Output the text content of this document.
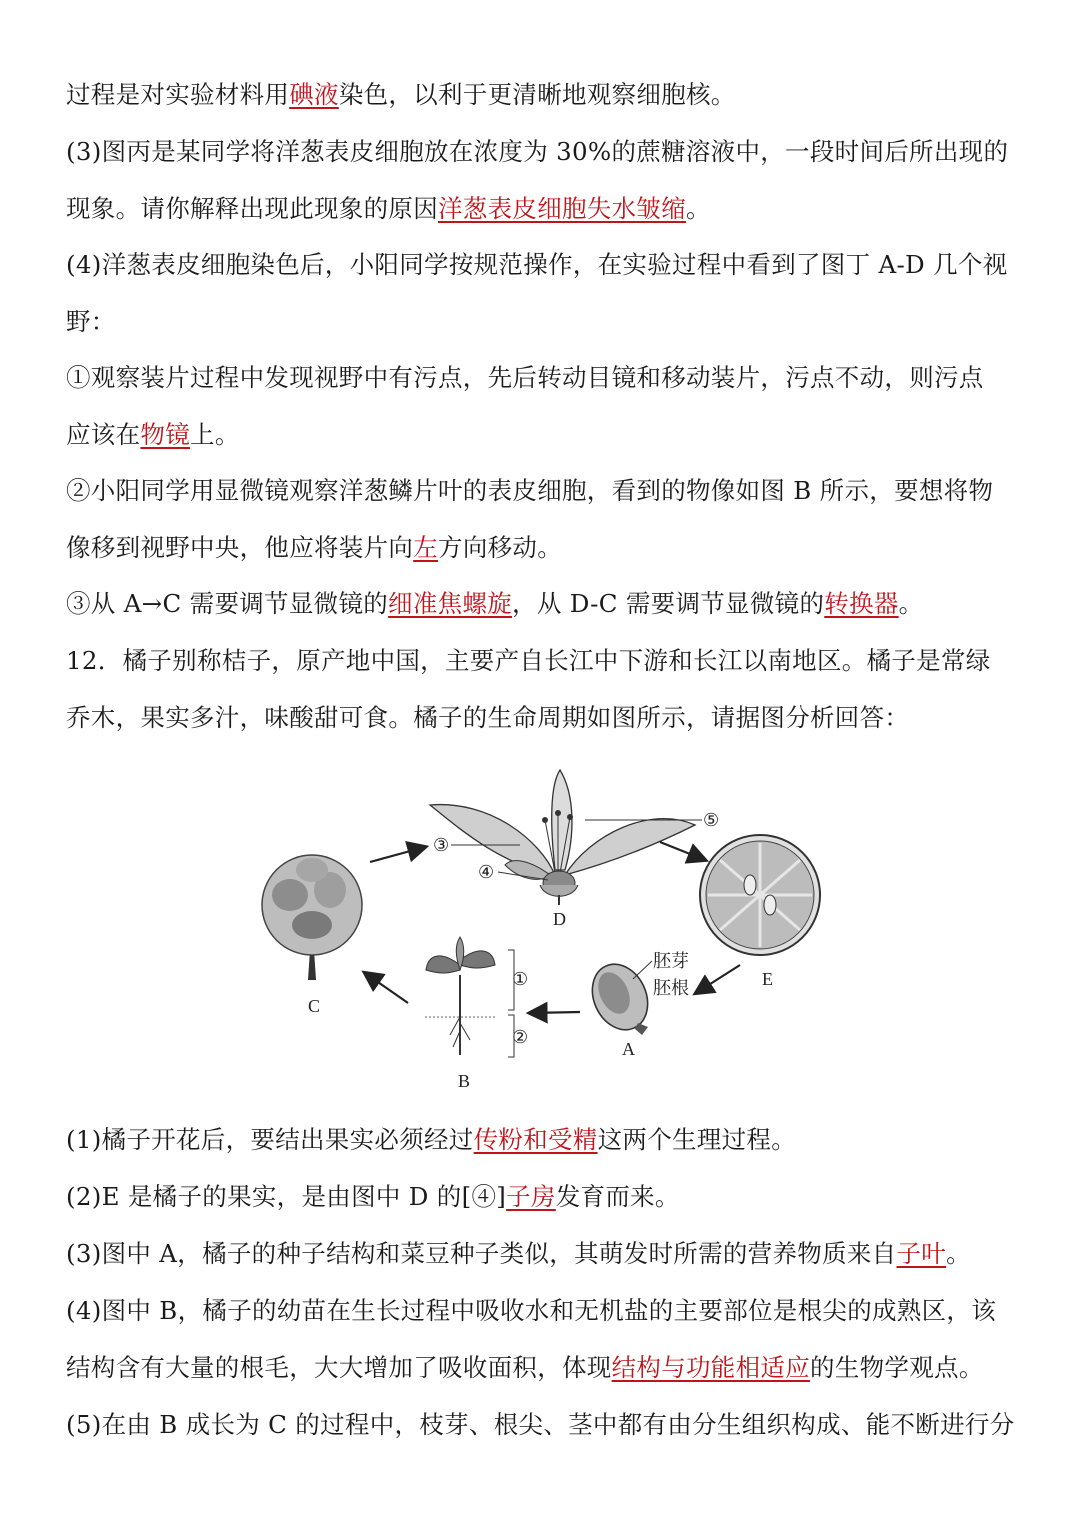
过程是对实验材料用碘液染色，以利于更清晰地观察细胞核。
(3)图丙是某同学将洋葱表皮细胞放在浓度为 30%的蔗糖溶液中，一段时间后所出现的
现象。请你解释出现此现象的原因洋葱表皮细胞失水皱缩。
(4)洋葱表皮细胞染色后，小阳同学按规范操作，在实验过程中看到了图丁 A-D 几个视
野：
①观察装片过程中发现视野中有污点，先后转动目镜和移动装片，污点不动，则污点
应该在物镜上。
②小阳同学用显微镜观察洋葱鳞片叶的表皮细胞，看到的物像如图 B 所示，要想将物
像移到视野中央，他应将装片向左方向移动。
③从 A→C 需要调节显微镜的细准焦螺旋，从 D-C 需要调节显微镜的转换器。
12．橘子别称桔子，原产地中国，主要产自长江中下游和长江以南地区。橘子是常绿
乔木，果实多汁，味酸甜可食。橘子的生命周期如图所示，请据图分析回答：
C
D
③
④
⑤
E
胚芽
胚根
A
①
②
B
(1)橘子开花后，要结出果实必须经过传粉和受精这两个生理过程。
(2)E 是橘子的果实，是由图中 D 的[④]子房发育而来。
(3)图中 A，橘子的种子结构和菜豆种子类似，其萌发时所需的营养物质来自子叶。
(4)图中 B，橘子的幼苗在生长过程中吸收水和无机盐的主要部位是根尖的成熟区，该
结构含有大量的根毛，大大增加了吸收面积，体现结构与功能相适应的生物学观点。
(5)在由 B 成长为 C 的过程中，枝芽、根尖、茎中都有由分生组织构成、能不断进行分
